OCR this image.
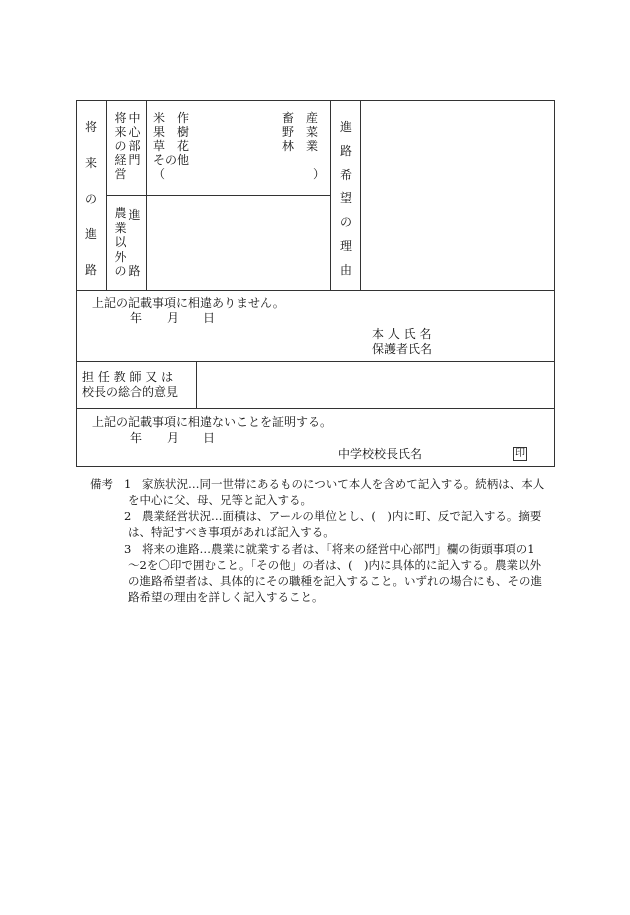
将
来
の
進
路
将
来
の
経
営
中
心
部
門
米　作
果　樹
草　花
その他
（	）
畜　産
野　菜
林　業
農
業
以
外
の
進
路
進
路
希
望
の
理
由
上記の記載事項に相違ありません。
年 月 日
本 人 氏 名
保護者氏名
担 任 教 師 又 は
校長の総合的意見
上記の記載事項に相違ないことを証明する。
年 月 日
中学校校長氏名	印
備考 1 家族状況…同一世帯にあるものについて本人を含めて記入する。続柄は、本人
を中心に父、母、兄等と記入する。
2 農業経営状況…面積は、アールの単位とし、(　)内に町、反で記入する。摘要
は、特記すべき事項があれば記入する。
3 将来の進路…農業に就業する者は、「将来の経営中心部門」欄の街頭事項の1
～2を〇印で囲むこと。「その他」の者は、(　)内に具体的に記入する。農業以外
の進路希望者は、具体的にその職種を記入すること。いずれの場合にも、その進
路希望の理由を詳しく記入すること。
